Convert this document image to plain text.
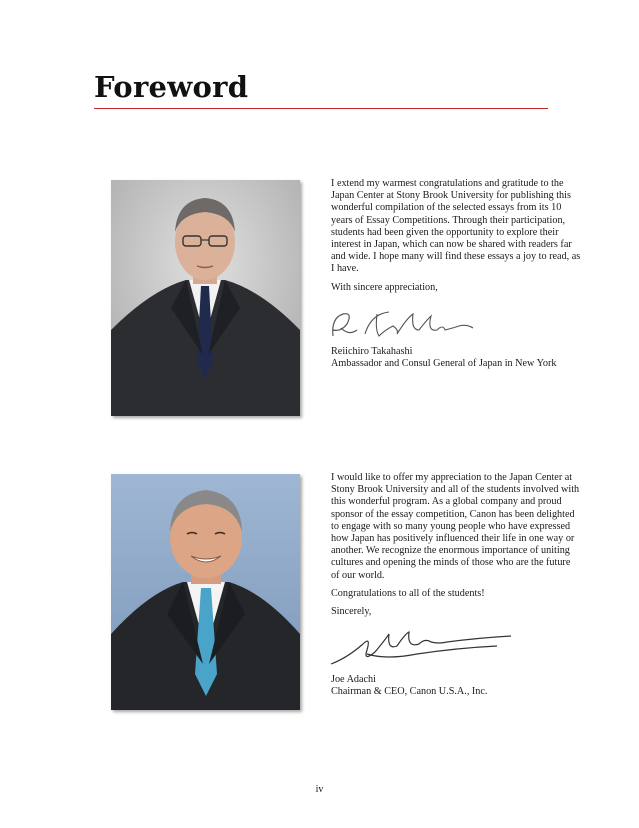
Foreword

I extend my warmest congratulations and gratitude to the Japan Center at Stony Brook University for publishing this wonderful compilation of the selected essays from its 10 years of Essay Competitions. Through their participation, students had been given the opportunity to explore their interest in Japan, which can now be shared with readers far and wide. I hope many will find these essays a joy to read, as I have.

With sincere appreciation,

Reiichiro Takahashi
Ambassador and Consul General of Japan in New York

I would like to offer my appreciation to the Japan Center at Stony Brook University and all of the students involved with this wonderful program. As a global company and proud sponsor of the essay competition, Canon has been delighted to engage with so many young people who have expressed how Japan has positively influenced their life in one way or another. We recognize the enormous importance of uniting cultures and opening the minds of those who are the future of our world.

Congratulations to all of the students!

Sincerely,

Joe Adachi
Chairman & CEO, Canon U.S.A., Inc.
iv
